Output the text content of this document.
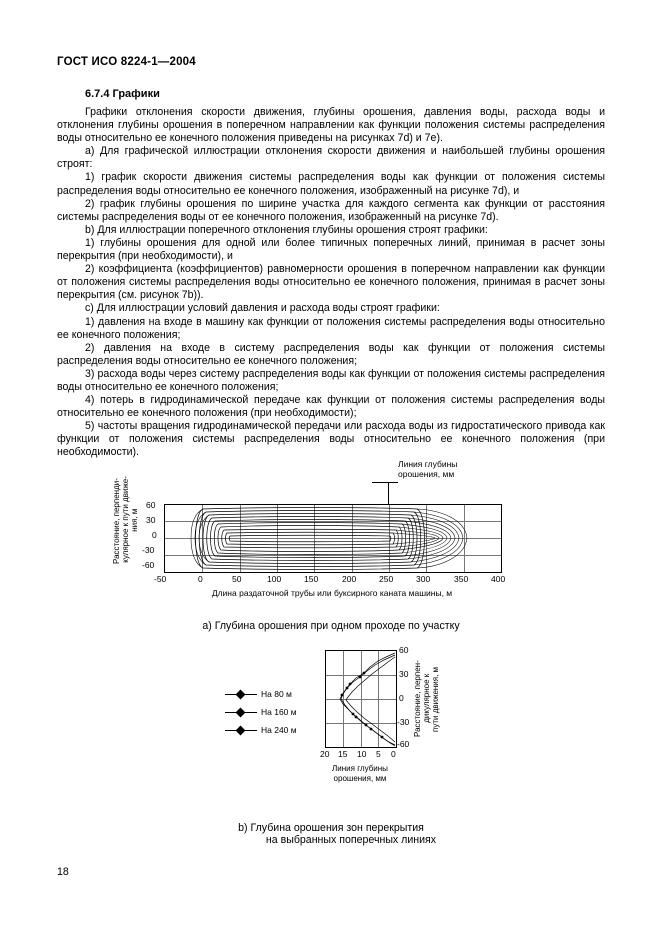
ГОСТ ИСО 8224-1—2004
6.7.4 Графики

Графики отклонения скорости движения, глубины орошения, давления воды, расхода воды и отклонения глубины орошения в поперечном направлении как функции положения системы распределения воды относительно ее конечного положения приведены на рисунках 7d) и 7e).

a) Для графической иллюстрации отклонения скорости движения и наибольшей глубины орошения строят:

1) график скорости движения системы распределения воды как функции от положения системы распределения воды относительно ее конечного положения, изображенный на рисунке 7d), и

2) график глубины орошения по ширине участка для каждого сегмента как функции от расстояния системы распределения воды от ее конечного положения, изображенный на рисунке 7d).

b) Для иллюстрации поперечного отклонения глубины орошения строят графики:

1) глубины орошения для одной или более типичных поперечных линий, принимая в расчет зоны перекрытия (при необходимости), и

2) коэффициента (коэффициентов) равномерности орошения в поперечном направлении как функции от положения системы распределения воды относительно ее конечного положения, принимая в расчет зоны перекрытия (см. рисунок 7b)).

c) Для иллюстрации условий давления и расхода воды строят графики:

1) давления на входе в машину как функции от положения системы распределения воды относительно ее конечного положения;

2) давления на входе в систему распределения воды как функции от положения системы распределения воды относительно ее конечного положения;

3) расхода воды через систему распределения воды как функции от положения системы распределения воды относительно ее конечного положения;

4) потерь в гидродинамической передаче как функции от положения системы распределения воды относительно ее конечного положения (при необходимости);

5) частоты вращения гидродинамической передачи или расхода воды из гидростатического привода как функции от положения системы распределения воды относительно ее конечного положения (при необходимости).

Линия глубины
орошения, мм
Расстояние, перпенди- кулярное к пути движе- ния, м
60
30
0
-30
-60
-50	0	50	100	150	200	250	300	350	400
Длина раздаточной трубы или буксирного каната машины, м
a) Глубина орошения при одном проходе по участку
На 80 м
На 160 м
На 240 м
60
30
0
-30
-60
Расстояние, перпен- дикулярное к пути движения, м
20 15 10 5 0
Линия глубины
орошения, мм
b) Глубина орошения зон перекрытия
на выбранных поперечных линиях
18
